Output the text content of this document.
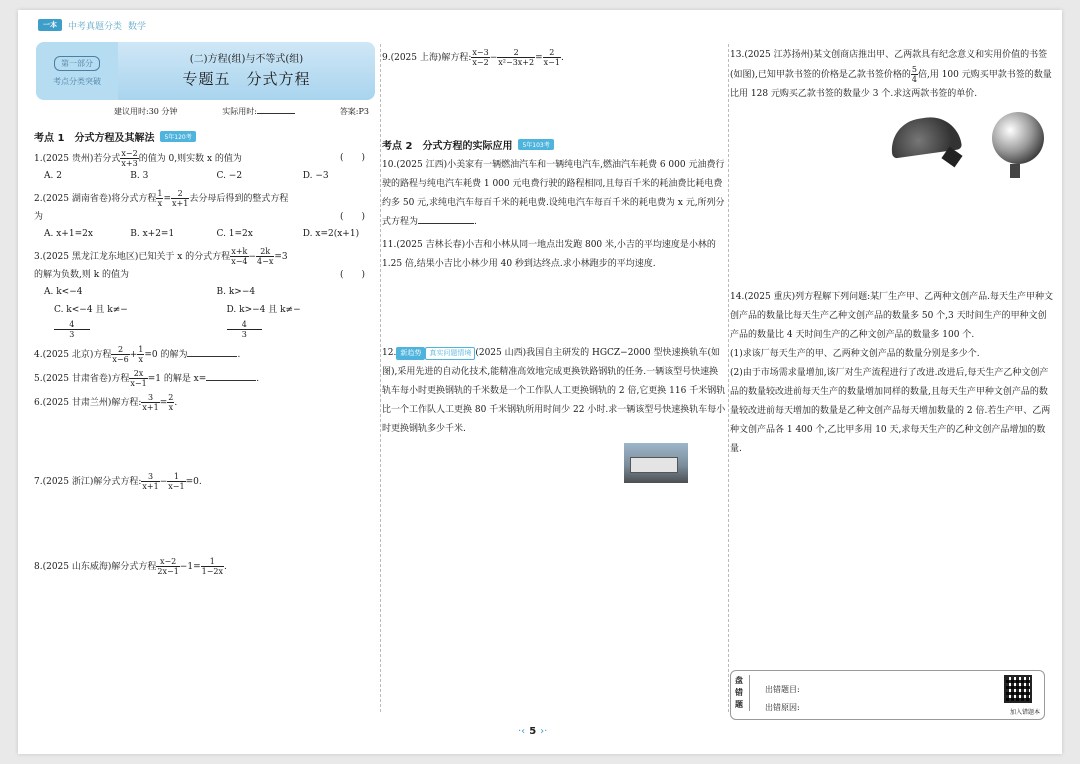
一本	中考真题分类 数学
第一部分
考点分类突破
(二)方程(组)与不等式(组)
专题五　分式方程
建议用时:30 分钟	实际用时:	答案:P3
考点 1　分式方程及其解法	5年120考
1.(2025 贵州)若分式 $\frac{x-2}{x+3}$ 的值为 0,则实数 x 的值为	(　　)
A. 2	B. 3	C. −2	D. −3
2.(2025 湖南省卷)将分式方程 $\frac{1}{x} = \frac{2}{x+1}$ 去分母后得到的整式方程
为	(　　)
A. x+1=2x	B. x+2=1	C. 1=2x	D. x=2(x+1)
3.(2025 黑龙江龙东地区)已知关于 x 的分式方程 $\frac{x+k}{x-4} - \frac{2k}{4-x} =3$
的解为负数,则 k 的值为	(　　)
A. k<−4	B. k>−4
C. k<−4 且 k≠−
$\frac{4}{3}$
D. k>−4 且 k≠−
$\frac{4}{3}$
4.(2025 北京)方程 $\frac{2}{x-6} + \frac{1}{x} =0$ 的解为	.
5.(2025 甘肃省卷)方程 $\frac{2x}{x-1} =1$ 的解是 x=	.
6.(2025 甘肃兰州)解方程: $\frac{3}{x+1} = \frac{2}{x}$ .
7.(2025 浙江)解分式方程: $\frac{3}{x+1} - \frac{1}{x-1} =0$.
8.(2025 山东威海)解分式方程 $\frac{x-2}{2x-1} -1= \frac{1}{1-2x}$ .
9.(2025 上海)解方程: $\frac{x-3}{x-2} - \frac{2}{\text{x²−3x+2}} = \frac{2}{x-1}$ .
考点 2　分式方程的实际应用	5年103考
10.(2025 江西)小美家有一辆燃油汽车和一辆纯电汽车,燃油汽车耗费 6 000 元油费行驶的路程与纯电汽车耗费 1 000 元电费行驶的路程相同,且每百千米的耗油费比耗电费约多 50 元,求纯电汽车每百千米的耗电费.设纯电汽车每百千米的耗电费为 x 元,所列分式方程为	.
11.(2025 吉林长春)小吉和小林从同一地点出发跑 800 米,小吉的平均速度是小林的 1.25 倍,结果小吉比小林少用 40 秒到达终点.求小林跑步的平均速度.
12. 新趋势 真实问题情境 (2025 山西)我国自主研发的 HGCZ−2000 型快速换轨车(如图),采用先进的自动化技术,能精准高效地完成更换铁路钢轨的任务.一辆该型号快速换轨车每小时更换钢轨的千米数是一个工作队人工更换钢轨的 2 倍,它更换 116 千米钢轨比一个工作队人工更换 80 千米钢轨所用时间少 22 小时.求一辆该型号快速换轨车每小时更换钢轨多少千米.
13.(2025 江苏扬州)某文创商店推出甲、乙两款具有纪念意义和实用价值的书签(如图),已知甲款书签的价格是乙款书签价格的 $\frac{5}{4}$ 倍,用 100 元购买甲款书签的数量比用 128 元购买乙款书签的数量少 3 个.求这两款书签的单价.
14.(2025 重庆)列方程解下列问题:某厂生产甲、乙两种文创产品.每天生产甲种文创产品的数量比每天生产乙种文创产品的数量多 50 个,3 天时间生产的甲种文创产品的数量比 4 天时间生产的乙种文创产品的数量多 100 个.
(1)求该厂每天生产的甲、乙两种文创产品的数量分别是多少个.
(2)由于市场需求量增加,该厂对生产流程进行了改进.改进后,每天生产乙种文创产品的数量较改进前每天生产的数量增加同样的数量,且每天生产甲种文创产品的数量较改进前每天增加的数量是乙种文创产品每天增加数量的 2 倍.若生产甲、乙两种文创产品各 1 400 个,乙比甲多用 10 天,求每天生产的乙种文创产品增加的数量.
盘错题
出错题目:
出错原因:
加入错题本
·‹ 5 ›·
